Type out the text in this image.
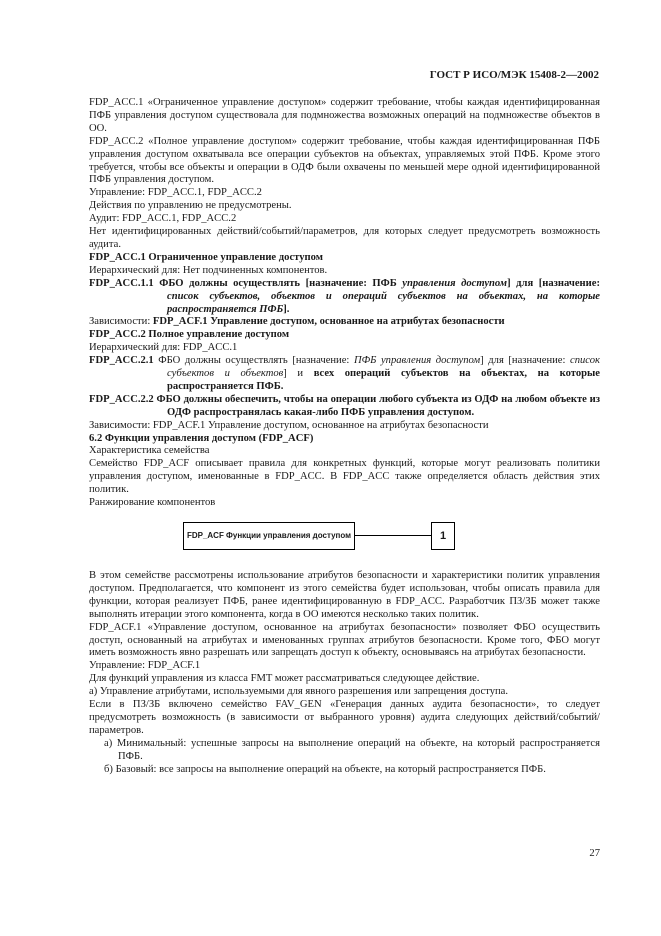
ГОСТ Р ИСО/МЭК 15408-2—2002

FDP_ACC.1 «Ограниченное управление доступом» содержит требование, чтобы каждая идентифицированная ПФБ управления доступом существовала для подмножества возможных операций на подмножестве объектов в ОО.

FDP_ACC.2 «Полное управление доступом» содержит требование, чтобы каждая идентифицированная ПФБ управления доступом охватывала все операции субъектов на объектах, управляемых этой ПФБ. Кроме этого требуется, чтобы все объекты и операции в ОДФ были охвачены по меньшей мере одной идентифицированной ПФБ управления доступом.

Управление: FDP_ACC.1, FDP_ACC.2

Действия по управлению не предусмотрены.

Аудит: FDP_ACC.1, FDP_ACC.2

Нет идентифицированных действий/событий/параметров, для которых следует предусмотреть возможность аудита.

FDP_ACC.1 Ограниченное управление доступом

Иерархический для: Нет подчиненных компонентов.

FDP_ACC.1.1 ФБО должны осуществлять [назначение: ПФБ управления доступом] для [назначение: список субъектов, объектов и операций субъектов на объектах, на которые распространяется ПФБ].

Зависимости: FDP_ACF.1 Управление доступом, основанное на атрибутах безопасности

FDP_ACC.2 Полное управление доступом

Иерархический для: FDP_ACC.1

FDP_ACC.2.1 ФБО должны осуществлять [назначение: ПФБ управления доступом] для [назначение: список субъектов и объектов] и всех операций субъектов на объектах, на которые распространяется ПФБ.

FDP_ACC.2.2 ФБО должны обеспечить, чтобы на операции любого субъекта из ОДФ на любом объекте из ОДФ распространялась какая-либо ПФБ управления доступом.

Зависимости: FDP_ACF.1 Управление доступом, основанное на атрибутах безопасности

6.2 Функции управления доступом (FDP_ACF)

Характеристика семейства

Семейство FDP_ACF описывает правила для конкретных функций, которые могут реализовать политики управления доступом, именованные в FDP_ACC. В FDP_ACC также определяется область действия этих политик.

Ранжирование компонентов

FDP_ACF Функции управления доступом	1

В этом семействе рассмотрены использование атрибутов безопасности и характеристики политик управления доступом. Предполагается, что компонент из этого семейства будет использован, чтобы описать правила для функции, которая реализует ПФБ, ранее идентифицированную в FDP_ACC. Разработчик ПЗ/ЗБ может также выполнять итерации этого компонента, когда в ОО имеются несколько таких политик.

FDP_ACF.1 «Управление доступом, основанное на атрибутах безопасности» позволяет ФБО осуществить доступ, основанный на атрибутах и именованных группах атрибутов безопасности. Кроме того, ФБО могут иметь возможность явно разрешать или запрещать доступ к объекту, основываясь на атрибутах безопасности.

Управление: FDP_ACF.1

Для функций управления из класса FMT может рассматриваться следующее действие.

а) Управление атрибутами, используемыми для явного разрешения или запрещения доступа.

Если в ПЗ/ЗБ включено семейство FAV_GEN «Генерация данных аудита безопасности», то следует предусмотреть возможность (в зависимости от выбранного уровня) аудита следующих действий/событий/параметров.

а) Минимальный: успешные запросы на выполнение операций на объекте, на который распространяется ПФБ.

б) Базовый: все запросы на выполнение операций на объекте, на который распространяется ПФБ.

27
